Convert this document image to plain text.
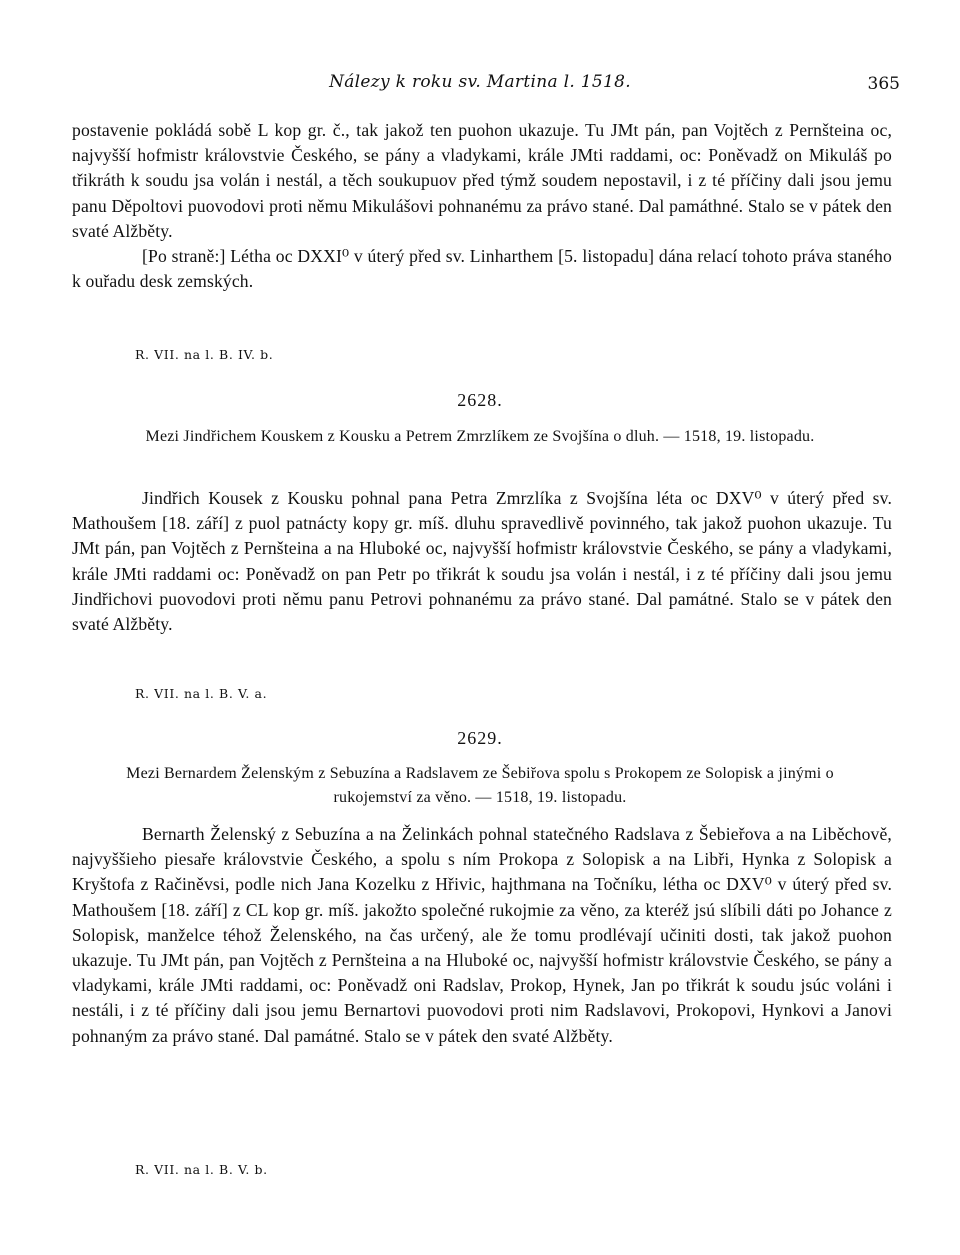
Nálezy k roku sv. Martina l. 1518.	365

postavenie pokládá sobě L kop gr. č., tak jakož ten puohon ukazuje. Tu JMt pán, pan Vojtěch z Pernšteina oc, najvyšší hofmistr královstvie Českého, se pány a vladykami, krále JMti raddami, oc: Poněvadž on Mikuláš po třikráth k soudu jsa volán i nestál, a těch soukupuov před týmž soudem nepostavil, i z té příčiny dali jsou jemu panu Děpoltovi puovodovi proti němu Mikulášovi pohnanému za právo stané. Dal památhné. Stalo se v pátek den svaté Alžběty.

[Po straně:] Létha oc DXXI⁰ v úterý před sv. Linharthem [5. listopadu] dána relací tohoto práva staného k ouřadu desk zemských.

R. VII. na l. B. IV. b.
2628.
Mezi Jindřichem Kouskem z Kousku a Petrem Zmrzlíkem ze Svojšína o dluh. — 1518, 19. listopadu.

Jindřich Kousek z Kousku pohnal pana Petra Zmrzlíka z Svojšína léta oc DXV⁰ v úterý před sv. Mathoušem [18. září] z puol patnácty kopy gr. míš. dluhu spravedlivě povinného, tak jakož puohon ukazuje. Tu JMt pán, pan Vojtěch z Pernšteina a na Hluboké oc, najvyšší hofmistr královstvie Českého, se pány a vladykami, krále JMti raddami oc: Poněvadž on pan Petr po třikrát k soudu jsa volán i nestál, i z té příčiny dali jsou jemu Jindřichovi puovodovi proti němu panu Petrovi pohnanému za právo stané. Dal památné. Stalo se v pátek den svaté Alžběty.

R. VII. na l. B. V. a.
2629.
Mezi Bernardem Želenským z Sebuzína a Radslavem ze Šebiřova spolu s Prokopem ze Solopisk a jinými o rukojemství za věno. — 1518, 19. listopadu.

Bernarth Želenský z Sebuzína a na Želinkách pohnal statečného Radslava z Šebieřova a na Liběchově, najvyššieho piesaře královstvie Českého, a spolu s ním Prokopa z Solopisk a na Libři, Hynka z Solopisk a Kryštofa z Račiněvsi, podle nich Jana Kozelku z Hřivic, hajthmana na Točníku, létha oc DXV⁰ v úterý před sv. Mathoušem [18. září] z CL kop gr. míš. jakožto společné rukojmie za věno, za kteréž jsú slíbili dáti po Johance z Solopisk, manželce téhož Želenského, na čas určený, ale že tomu prodlévají učiniti dosti, tak jakož puohon ukazuje. Tu JMt pán, pan Vojtěch z Pernšteina a na Hluboké oc, najvyšší hofmistr královstvie Českého, se pány a vladykami, krále JMti raddami, oc: Poněvadž oni Radslav, Prokop, Hynek, Jan po třikrát k soudu jsúc voláni i nestáli, i z té příčiny dali jsou jemu Bernartovi puovodovi proti nim Radslavovi, Prokopovi, Hynkovi a Janovi pohnaným za právo stané. Dal památné. Stalo se v pátek den svaté Alžběty.

R. VII. na l. B. V. b.
